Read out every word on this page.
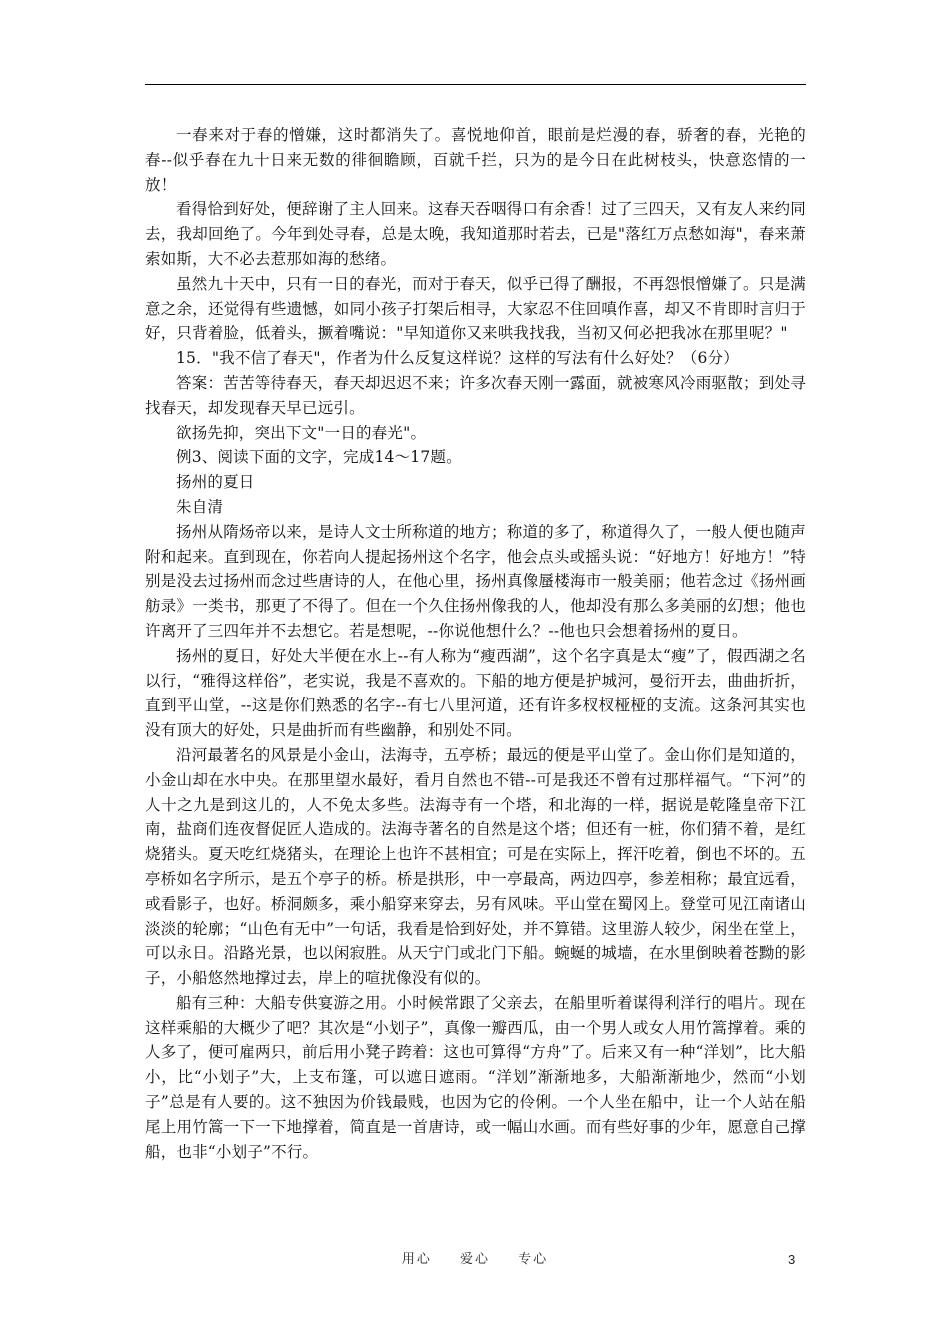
一春来对于春的憎嫌，这时都消失了。喜悦地仰首，眼前是烂漫的春，骄奢的春，光艳的春--似乎春在九十日来无数的徘徊瞻顾，百就千拦，只为的是今日在此树枝头，快意恣情的一放！

看得恰到好处，便辞谢了主人回来。这春天吞咽得口有余香！过了三四天，又有友人来约同去，我却回绝了。今年到处寻春，总是太晚，我知道那时若去，已是"落红万点愁如海"，春来萧索如斯，大不必去惹那如海的愁绪。

虽然九十天中，只有一日的春光，而对于春天，似乎已得了酬报，不再怨恨憎嫌了。只是满意之余，还觉得有些遗憾，如同小孩子打架后相寻，大家忍不住回嗔作喜，却又不肯即时言归于好，只背着脸，低着头，撅着嘴说："早知道你又来哄我找我，当初又何必把我冰在那里呢？"

15．"我不信了春天"，作者为什么反复这样说？这样的写法有什么好处？（6分）

答案：苦苦等待春天，春天却迟迟不来；许多次春天刚一露面，就被寒风冷雨驱散；到处寻找春天，却发现春天早已远引。

欲扬先抑，突出下文"一日的春光"。

例3、阅读下面的文字，完成14～17题。

扬州的夏日

朱自清

扬州从隋炀帝以来，是诗人文士所称道的地方；称道的多了，称道得久了，一般人便也随声附和起来。直到现在，你若向人提起扬州这个名字，他会点头或摇头说：“好地方！好地方！”特别是没去过扬州而念过些唐诗的人，在他心里，扬州真像蜃楼海市一般美丽；他若念过《扬州画舫录》一类书，那更了不得了。但在一个久住扬州像我的人，他却没有那么多美丽的幻想；他也许离开了三四年并不去想它。若是想呢，--你说他想什么？--他也只会想着扬州的夏日。

扬州的夏日，好处大半便在水上--有人称为“瘦西湖”，这个名字真是太“瘦”了，假西湖之名以行，“雅得这样俗”，老实说，我是不喜欢的。下船的地方便是护城河，曼衍开去，曲曲折折，直到平山堂，--这是你们熟悉的名字--有七八里河道，还有许多杈杈桠桠的支流。这条河其实也没有顶大的好处，只是曲折而有些幽静，和别处不同。

沿河最著名的风景是小金山，法海寺，五亭桥；最远的便是平山堂了。金山你们是知道的，小金山却在水中央。在那里望水最好，看月自然也不错--可是我还不曾有过那样福气。“下河”的人十之九是到这儿的，人不免太多些。法海寺有一个塔，和北海的一样，据说是乾隆皇帝下江南，盐商们连夜督促匠人造成的。法海寺著名的自然是这个塔；但还有一桩，你们猜不着，是红烧猪头。夏天吃红烧猪头，在理论上也许不甚相宜；可是在实际上，挥汗吃着，倒也不坏的。五亭桥如名字所示，是五个亭子的桥。桥是拱形，中一亭最高，两边四亭，参差相称；最宜远看，或看影子，也好。桥洞颇多，乘小船穿来穿去，另有风味。平山堂在蜀冈上。登堂可见江南诸山淡淡的轮廓；“山色有无中”一句话，我看是恰到好处，并不算错。这里游人较少，闲坐在堂上，可以永日。沿路光景，也以闲寂胜。从天宁门或北门下船。蜿蜒的城墙，在水里倒映着苍黝的影子，小船悠然地撑过去，岸上的喧扰像没有似的。

船有三种：大船专供宴游之用。小时候常跟了父亲去，在船里听着谋得利洋行的唱片。现在这样乘船的大概少了吧？其次是“小划子”，真像一瓣西瓜，由一个男人或女人用竹篙撑着。乘的人多了，便可雇两只，前后用小凳子跨着：这也可算得“方舟”了。后来又有一种“洋划”，比大船小，比“小划子”大，上支布篷，可以遮日遮雨。“洋划”渐渐地多，大船渐渐地少，然而“小划子”总是有人要的。这不独因为价钱最贱，也因为它的伶俐。一个人坐在船中，让一个人站在船尾上用竹篙一下一下地撑着，简直是一首唐诗，或一幅山水画。而有些好事的少年，愿意自己撑船，也非“小划子”不行。

用心 爱心 专心	3
